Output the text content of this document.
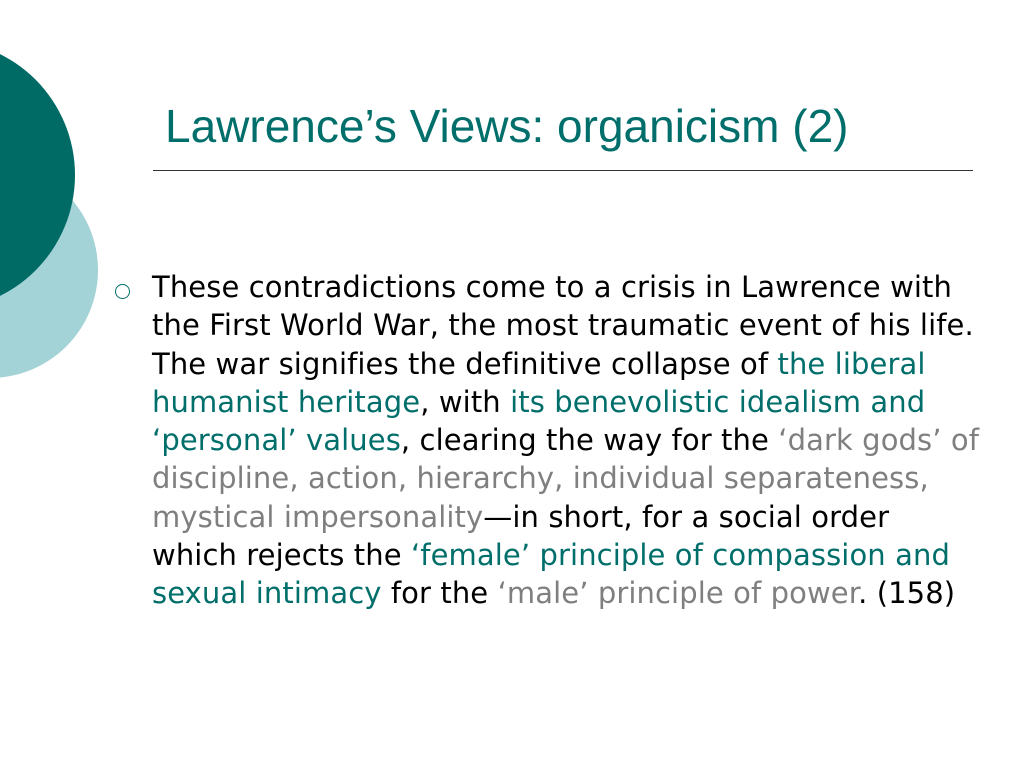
Lawrence’s Views: organicism (2)

These contradictions come to a crisis in Lawrence with the First World War, the most traumatic event of his life. The war signifies the definitive collapse of the liberal humanist heritage, with its benevolistic idealism and ‘personal’ values, clearing the way for the ‘dark gods’ of discipline, action, hierarchy, individual separateness, mystical impersonality—in short, for a social order which rejects the ‘female’ principle of compassion and sexual intimacy for the ‘male’ principle of power. (158)
